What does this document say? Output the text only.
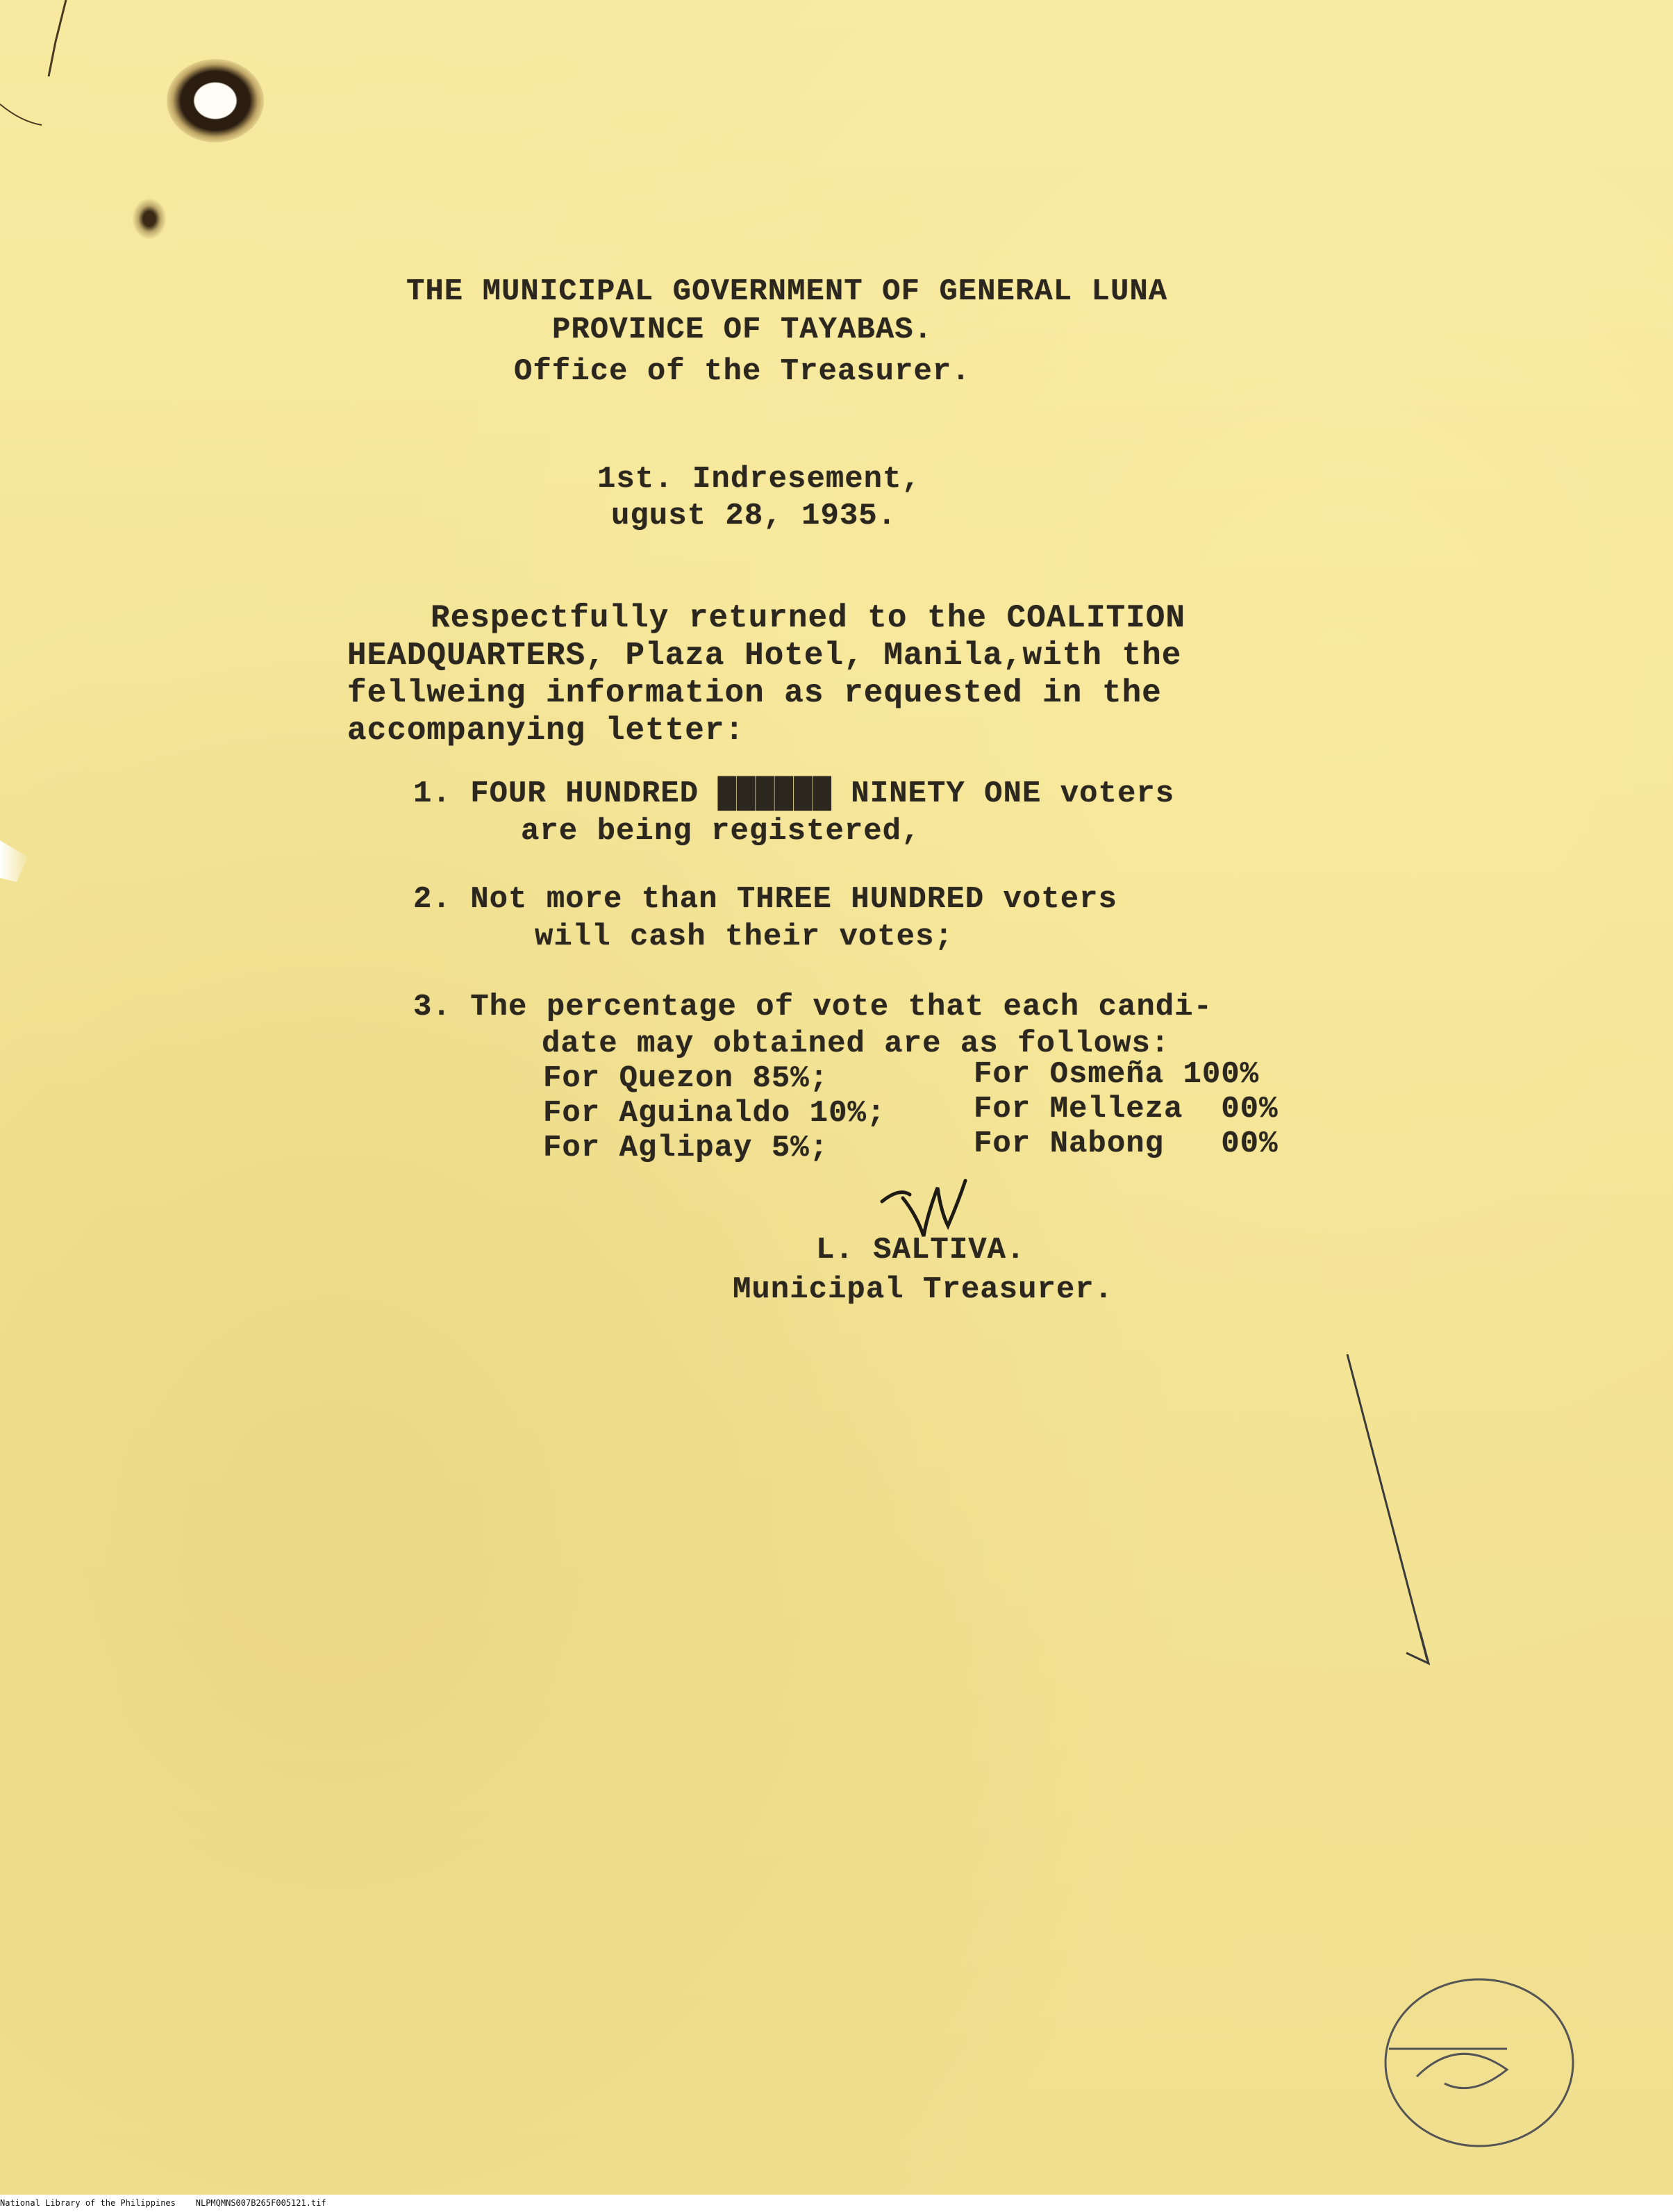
THE MUNICIPAL GOVERNMENT OF GENERAL LUNA

PROVINCE OF TAYABAS.

Office of the Treasurer.

1st. Indresement,

ugust 28, 1935.

Respectfully returned to the COALITION

HEADQUARTERS, Plaza Hotel, Manila,with the

fellweing information as requested in the

accompanying letter:

1. FOUR HUNDRED ██████ NINETY ONE voters

are being registered,

2. Not more than THREE HUNDRED voters

will cash their votes;

3. The percentage of vote that each candi-

date may obtained are as follows:

For Quezon 85%;

For Aguinaldo 10%;

For Aglipay 5%;

For Osmeña 100%

For Melleza  00%

For Nabong   00%

L. SALTIVA.

Municipal Treasurer.

National Library of the Philippines    NLPMQMNS007B265F005121.tif
